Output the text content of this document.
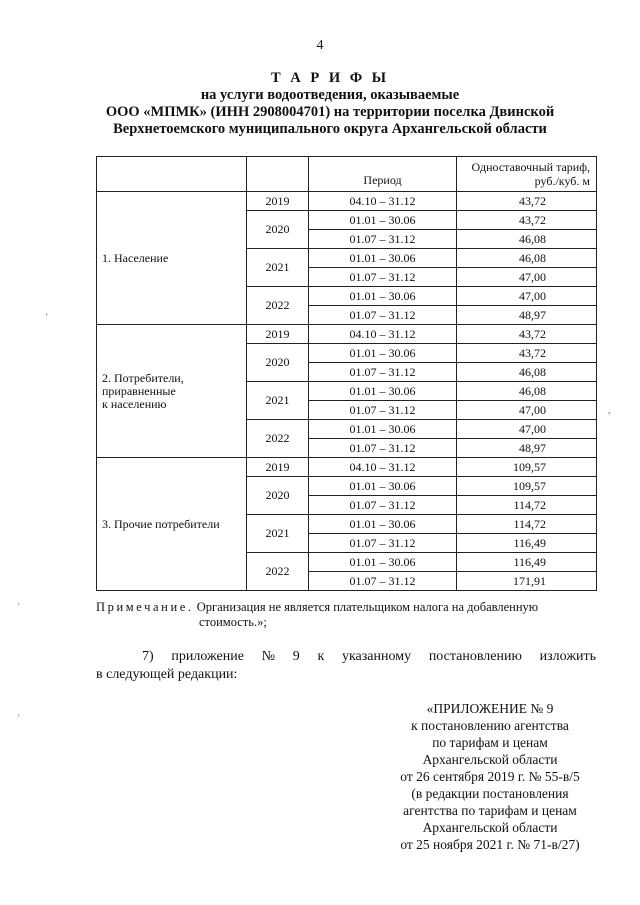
4
Т А Р И Ф Ы
на услуги водоотведения, оказываемые
ООО «МПМК» (ИНН 2908004701) на территории поселка Двинской
Верхнетоемского муниципального округа Архангельской области
		Период	Одноставочный тариф,
руб./куб. м

1. Население	2019	04.10 – 31.12	43,72
	2020	01.01 – 30.06	43,72
		01.07 – 31.12	46,08
	2021	01.01 – 30.06	46,08
		01.07 – 31.12	47,00
	2022	01.01 – 30.06	47,00
		01.07 – 31.12	48,97

2. Потребители,
приравненные
к населению	2019	04.10 – 31.12	43,72
	2020	01.01 – 30.06	43,72
		01.07 – 31.12	46,08
	2021	01.01 – 30.06	46,08
		01.07 – 31.12	47,00
	2022	01.01 – 30.06	47,00
		01.07 – 31.12	48,97

3. Прочие потребители	2019	04.10 – 31.12	109,57
	2020	01.01 – 30.06	109,57
		01.07 – 31.12	114,72
	2021	01.01 – 30.06	114,72
		01.07 – 31.12	116,49
	2022	01.01 – 30.06	116,49
		01.07 – 31.12	171,91
Примечание. Организация не является плательщиком налога на добавленную
стоимость.»;
7) приложение № 9 к указанному постановлению изложить
в следующей редакции:
«ПРИЛОЖЕНИЕ № 9
к постановлению агентства
по тарифам и ценам
Архангельской области
от 26 сентября 2019 г. № 55-в/5
(в редакции постановления
агентства по тарифам и ценам
Архангельской области
от 25 ноября 2021 г. № 71-в/27)
'
,
'
'
